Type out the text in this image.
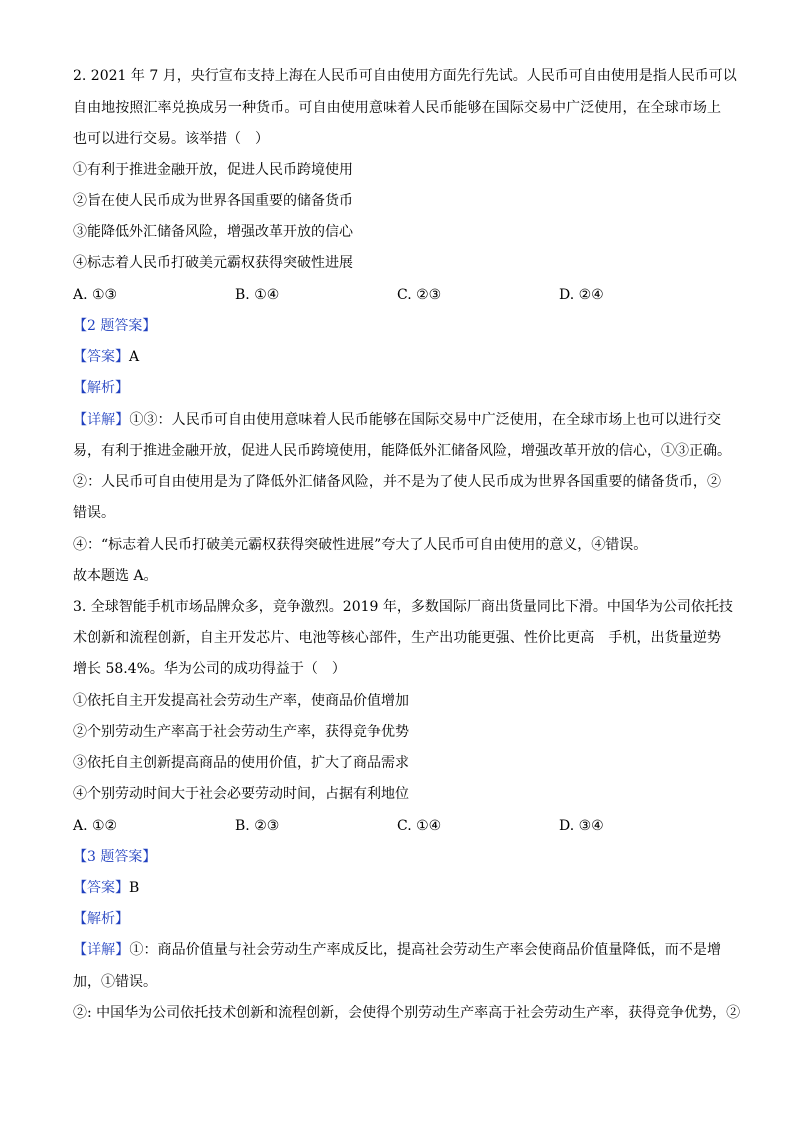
2. 2021 年 7 月，央行宣布支持上海在人民币可自由使用方面先行先试。人民币可自由使用是指人民币可以
自由地按照汇率兑换成另一种货币。可自由使用意味着人民币能够在国际交易中广泛使用，在全球市场上
也可以进行交易。该举措（　）
①有利于推进金融开放，促进人民币跨境使用
②旨在使人民币成为世界各国重要的储备货币
③能降低外汇储备风险，增强改革开放的信心
④标志着人民币打破美元霸权获得突破性进展
A. ①③	B. ①④	C. ②③	D. ②④
【2 题答案】
【答案】A
【解析】
【详解】①③：人民币可自由使用意味着人民币能够在国际交易中广泛使用，在全球市场上也可以进行交
易，有利于推进金融开放，促进人民币跨境使用，能降低外汇储备风险，增强改革开放的信心，①③正确。
②：人民币可自由使用是为了降低外汇储备风险，并不是为了使人民币成为世界各国重要的储备货币，②
错误。
④：“标志着人民币打破美元霸权获得突破性进展”夸大了人民币可自由使用的意义，④错误。
故本题选 A。
3. 全球智能手机市场品牌众多，竞争激烈。2019 年，多数国际厂商出货量同比下滑。中国华为公司依托技
术创新和流程创新，自主开发芯片、电池等核心部件，生产出功能更强、性价比更高　手机，出货量逆势
增长 58.4%。华为公司的成功得益于（　）
①依托自主开发提高社会劳动生产率，使商品价值增加
②个别劳动生产率高于社会劳动生产率，获得竞争优势
③依托自主创新提高商品的使用价值，扩大了商品需求
④个别劳动时间大于社会必要劳动时间，占据有利地位
A. ①②	B. ②③	C. ①④	D. ③④
【3 题答案】
【答案】B
【解析】
【详解】①：商品价值量与社会劳动生产率成反比，提高社会劳动生产率会使商品价值量降低，而不是增
加，①错误。
②: 中国华为公司依托技术创新和流程创新，会使得个别劳动生产率高于社会劳动生产率，获得竞争优势，②
